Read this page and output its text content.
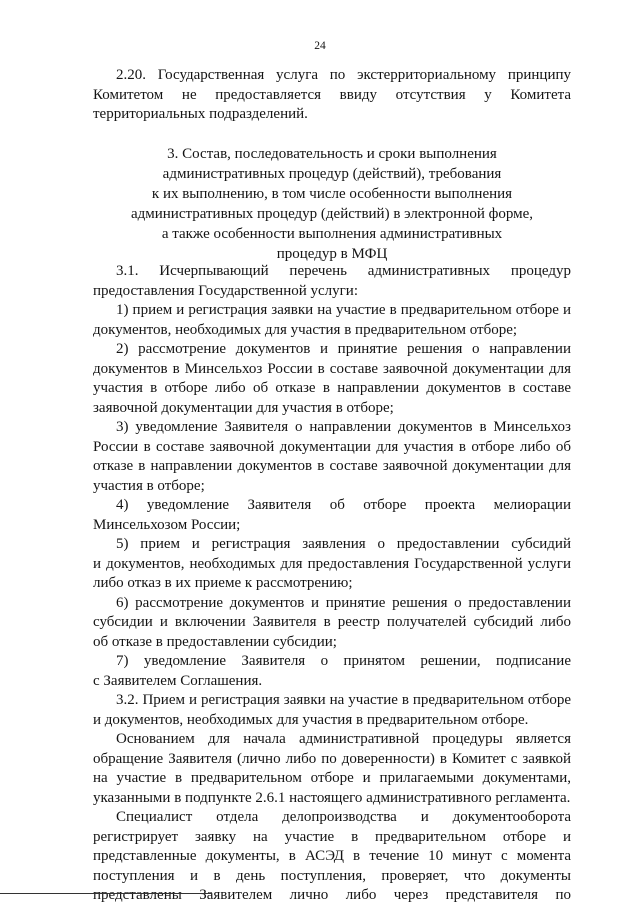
24
2.20. Государственная услуга по экстерриториальному принципу
Комитетом не предоставляется ввиду отсутствия у Комитета
территориальных подразделений.
3. Состав, последовательность и сроки выполнения
административных процедур (действий), требования
к их выполнению, в том числе особенности выполнения
административных процедур (действий) в электронной форме,
а также особенности выполнения административных
процедур в МФЦ
3.1. Исчерпывающий перечень административных процедур
предоставления Государственной услуги:
1) прием и регистрация заявки на участие в предварительном отборе и
документов, необходимых для участия в предварительном отборе;
2) рассмотрение документов и принятие решения о направлении
документов в Минсельхоз России в составе заявочной документации для
участия в отборе либо об отказе в направлении документов в составе
заявочной документации для участия в отборе;
3) уведомление Заявителя о направлении документов в Минсельхоз
России в составе заявочной документации для участия в отборе либо об
отказе в направлении документов в составе заявочной документации для
участия в отборе;
4) уведомление Заявителя об отборе проекта мелиорации
Минсельхозом России;
5) прием и регистрация заявления о предоставлении субсидий
и документов, необходимых для предоставления Государственной услуги
либо отказ в их приеме к рассмотрению;
6) рассмотрение документов и принятие решения о предоставлении
субсидии и включении Заявителя в реестр получателей субсидий либо
об отказе в предоставлении субсидии;
7) уведомление Заявителя о принятом решении, подписание
с Заявителем Соглашения.
3.2. Прием и регистрация заявки на участие в предварительном отборе
и документов, необходимых для участия в предварительном отборе.
Основанием для начала административной процедуры является
обращение Заявителя (лично либо по доверенности) в Комитет с заявкой
на участие в предварительном отборе и прилагаемыми документами,
указанными в подпункте 2.6.1 настоящего административного регламента.
Специалист отдела делопроизводства и документооборота
регистрирует заявку на участие в предварительном отборе и
представленные документы, в АСЭД в течение 10 минут с момента
поступления и в день поступления, проверяет, что документы
представлены Заявителем лично либо через представителя по
